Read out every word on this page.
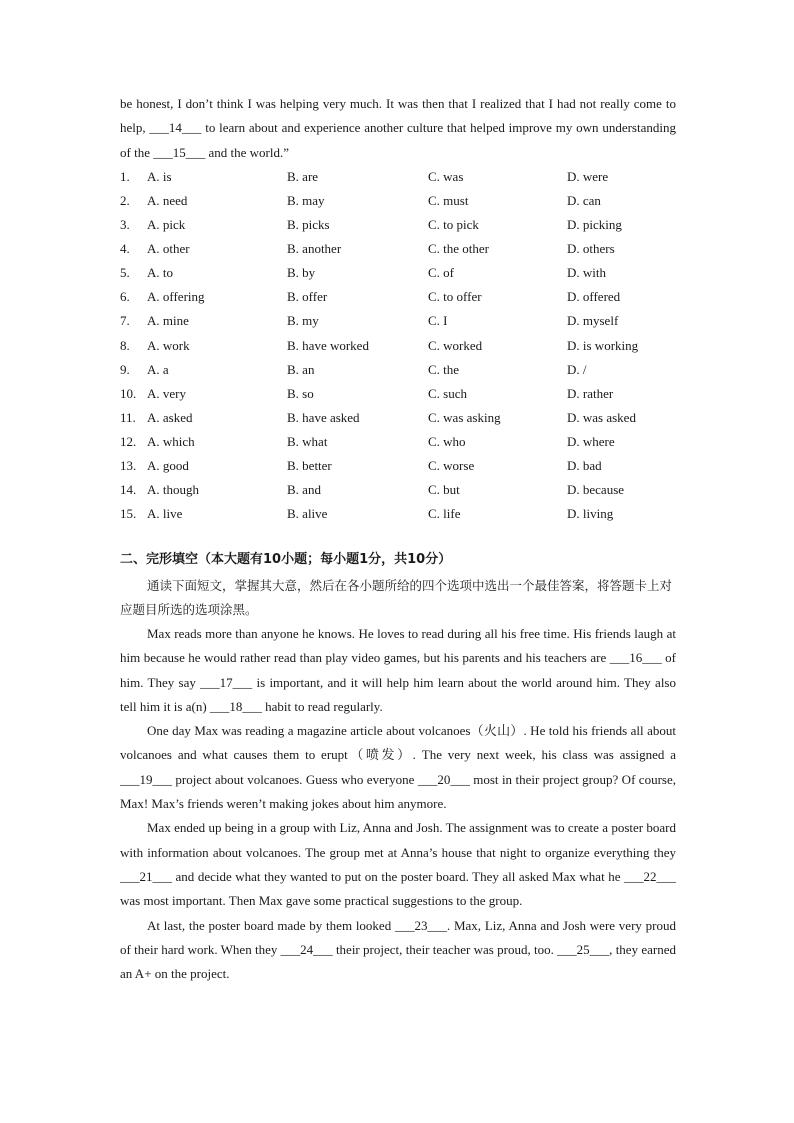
be honest, I don’t think I was helping very much. It was then that I realized that I had not really come to help, ___14___ to learn about and experience another culture that helped improve my own understanding of the ___15___ and the world.”

1.	A. is	B. are	C. was	D. were
2.	A. need	B. may	C. must	D. can
3.	A. pick	B. picks	C. to pick	D. picking
4.	A. other	B. another	C. the other	D. others
5.	A. to	B. by	C. of	D. with
6.	A. offering	B. offer	C. to offer	D. offered
7.	A. mine	B. my	C. I	D. myself
8.	A. work	B. have worked	C. worked	D. is working
9.	A. a	B. an	C. the	D. /
10. A. very	B. so	C. such	D. rather
11. A. asked	B. have asked	C. was asking	D. was asked
12. A. which	B. what	C. who	D. where
13. A. good	B. better	C. worse	D. bad
14. A. though	B. and	C. but	D. because
15. A. live	B. alive	C. life	D. living
二、完形填空（本大题有10小题；每小题1分，共10分）

通读下面短文，掌握其大意，然后在各小题所给的四个选项中选出一个最佳答案，将答题卡上对应题目所选的选项涂黑。

Max reads more than anyone he knows. He loves to read during all his free time. His friends laugh at him because he would rather read than play video games, but his parents and his teachers are ___16___ of him. They say ___17___ is important, and it will help him learn about the world around him. They also tell him it is a(n) ___18___ habit to read regularly.

One day Max was reading a magazine article about volcanoes（火山）. He told his friends all about volcanoes and what causes them to erupt（喷发）. The very next week, his class was assigned a ___19___ project about volcanoes. Guess who everyone ___20___ most in their project group? Of course, Max! Max’s friends weren’t making jokes about him anymore.

Max ended up being in a group with Liz, Anna and Josh. The assignment was to create a poster board with information about volcanoes. The group met at Anna’s house that night to organize everything they ___21___ and decide what they wanted to put on the poster board. They all asked Max what he ___22___ was most important. Then Max gave some practical suggestions to the group.

At last, the poster board made by them looked ___23___. Max, Liz, Anna and Josh were very proud of their hard work. When they ___24___ their project, their teacher was proud, too. ___25___, they earned an A+ on the project.
